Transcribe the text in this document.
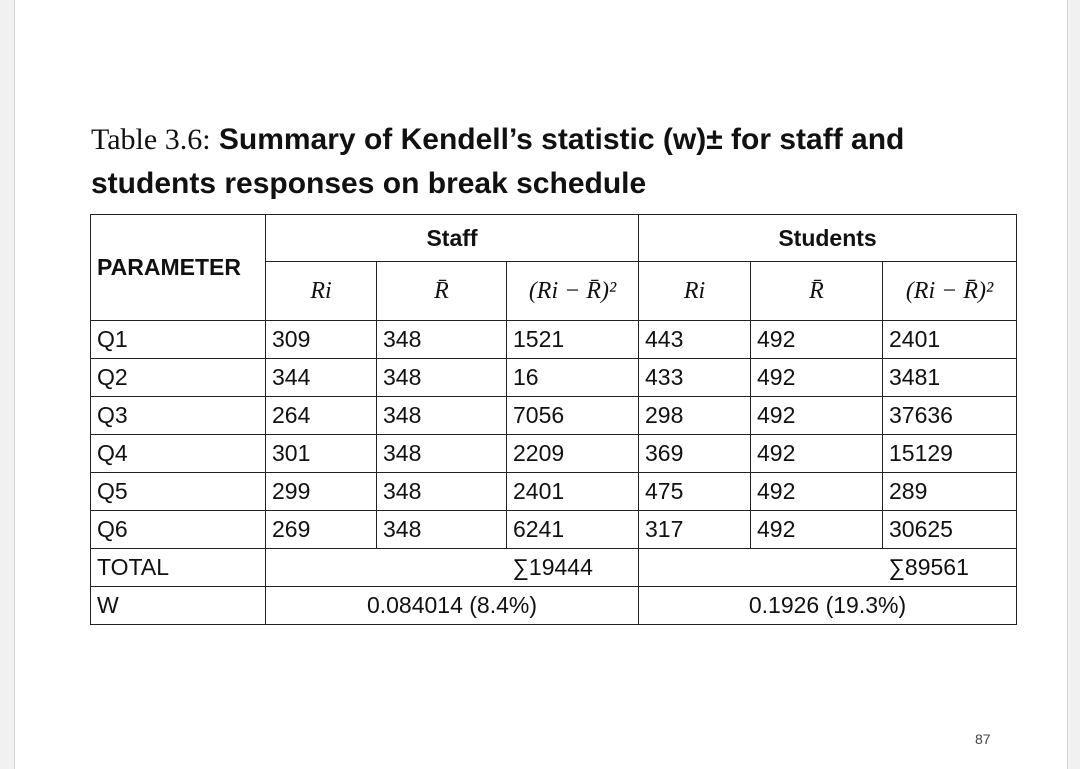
Table 3.6: Summary of Kendell’s statistic (w)± for staff and students responses on break schedule
PARAMETER	Staff			Students		
	Ri	R̄	(Ri − R̄)²	Ri	R̄	(Ri − R̄)²
Q1	309	348	1521	443	492	2401
Q2	344	348	16	433	492	3481
Q3	264	348	7056	298	492	37636
Q4	301	348	2209	369	492	15129
Q5	299	348	2401	475	492	289
Q6	269	348	6241	317	492	30625
TOTAL			∑19444			∑89561
W	0.084014 (8.4%)			0.1926 (19.3%)		
87
